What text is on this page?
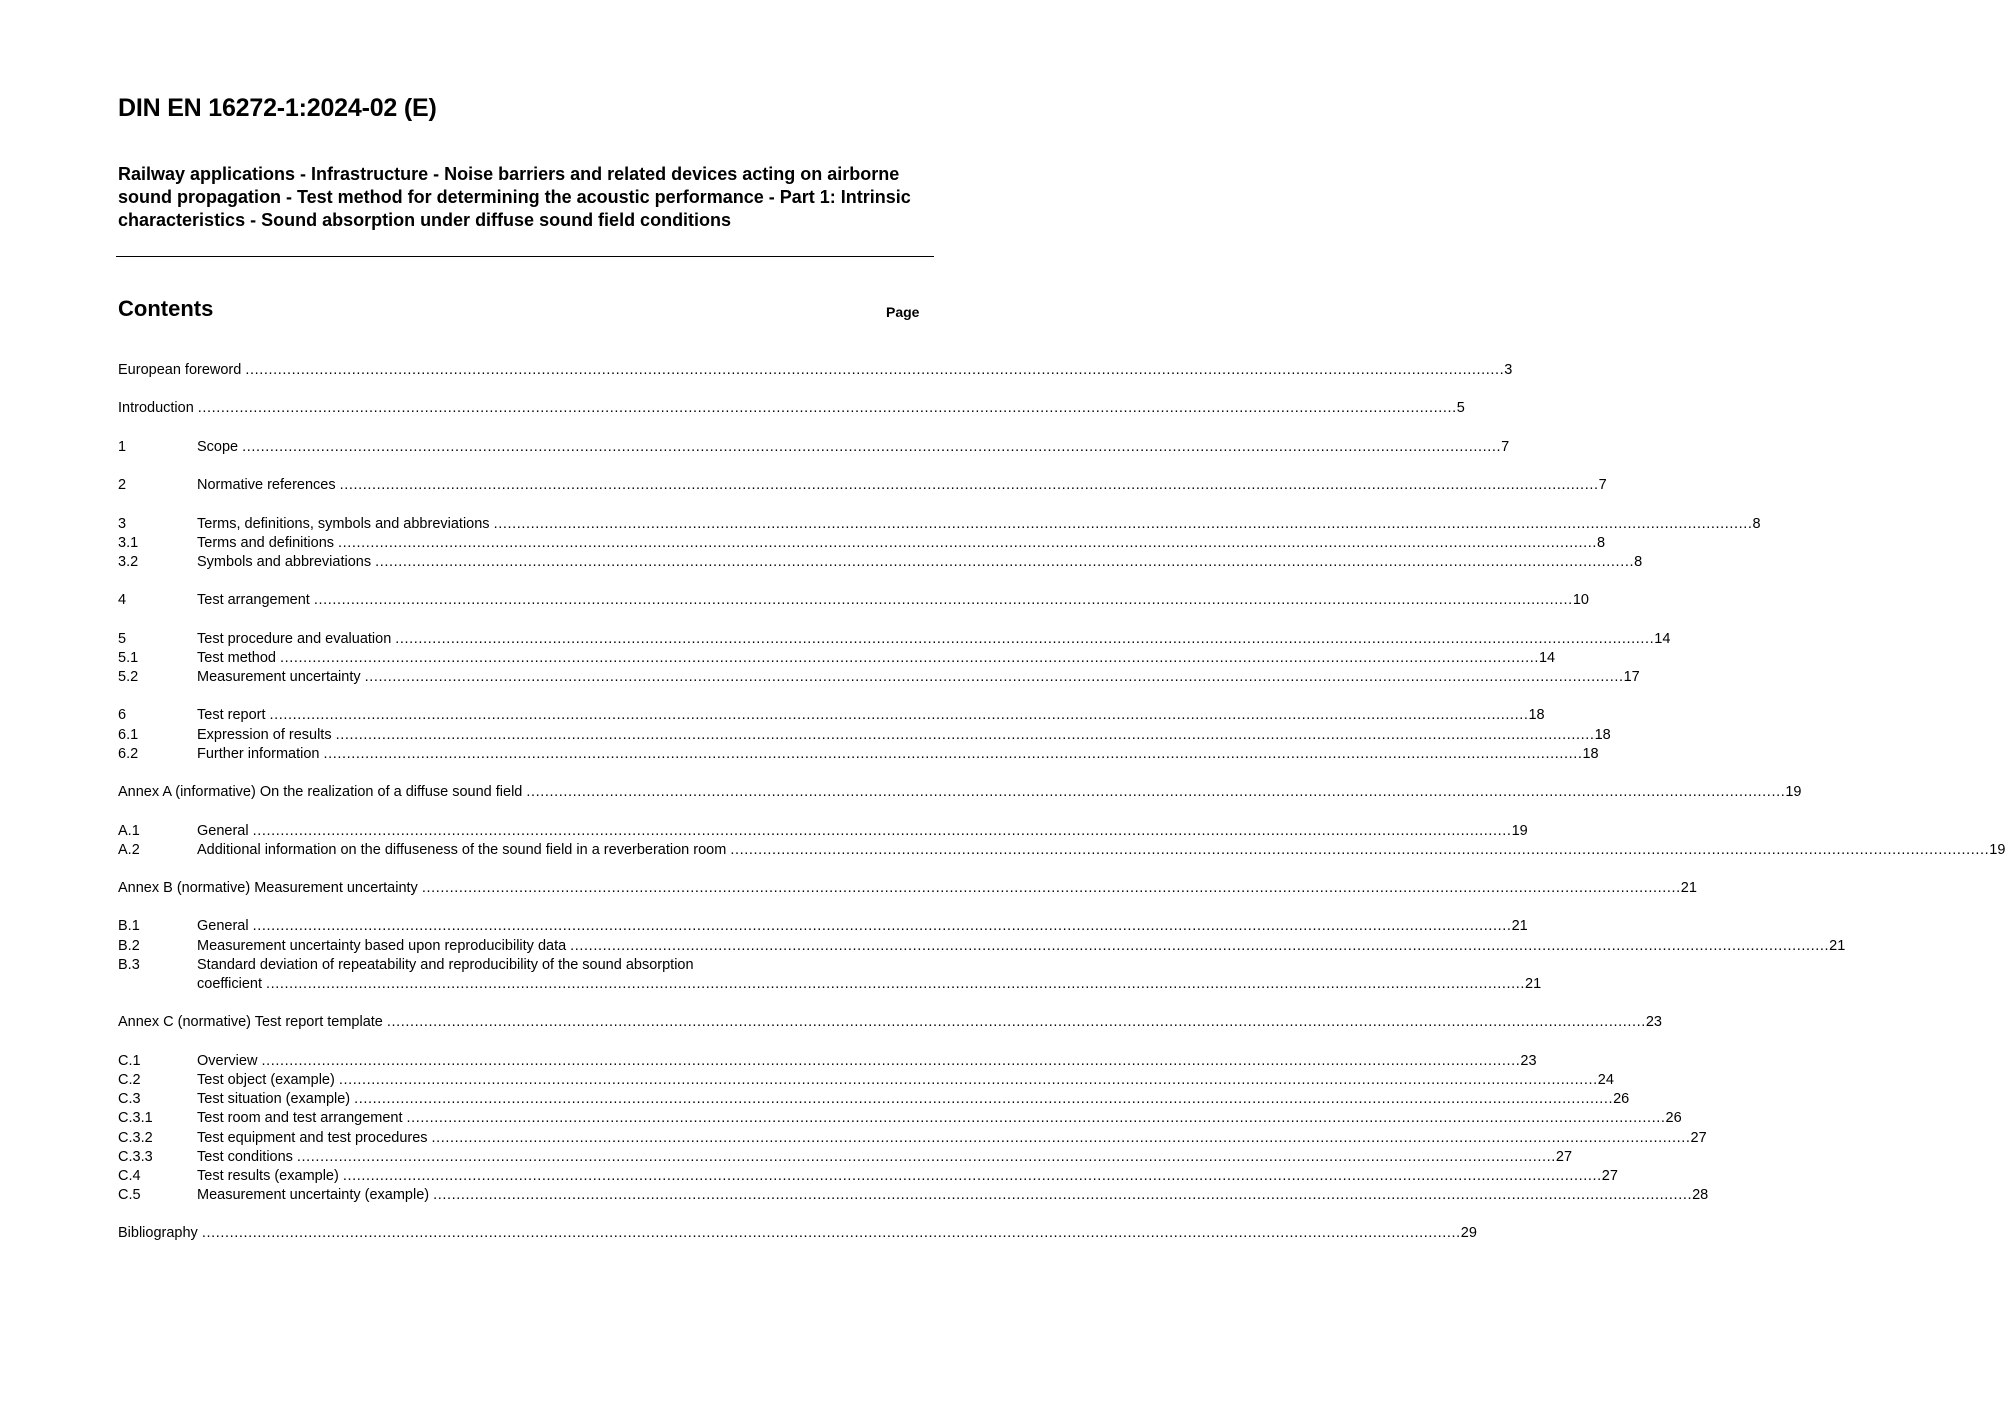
DIN EN 16272-1:2024-02 (E)
Railway applications - Infrastructure - Noise barriers and related devices acting on airborne sound propagation - Test method for determining the acoustic performance - Part 1: Intrinsic characteristics - Sound absorption under diffuse sound field conditions
Contents	Page
European foreword .....	3
Introduction .....	5
1	Scope .....	7
2	Normative references .....	7
3	Terms, definitions, symbols and abbreviations .....	8
3.1	Terms and definitions .....	8
3.2	Symbols and abbreviations .....	8
4	Test arrangement .....	10
5	Test procedure and evaluation .....	14
5.1	Test method .....	14
5.2	Measurement uncertainty .....	17
6	Test report .....	18
6.1	Expression of results .....	18
6.2	Further information .....	18
Annex A (informative) On the realization of a diffuse sound field .....	19
A.1	General .....	19
A.2	Additional information on the diffuseness of the sound field in a reverberation room .....	19
Annex B (normative) Measurement uncertainty .....	21
B.1	General .....	21
B.2	Measurement uncertainty based upon reproducibility data .....	21
B.3	Standard deviation of repeatability and reproducibility of the sound absorption
coefficient .....	21
Annex C (normative) Test report template .....	23
C.1	Overview .....	23
C.2	Test object (example) .....	24
C.3	Test situation (example) .....	26
C.3.1	Test room and test arrangement .....	26
C.3.2	Test equipment and test procedures .....	27
C.3.3	Test conditions .....	27
C.4	Test results (example) .....	27
C.5	Measurement uncertainty (example) .....	28
Bibliography .....	29
